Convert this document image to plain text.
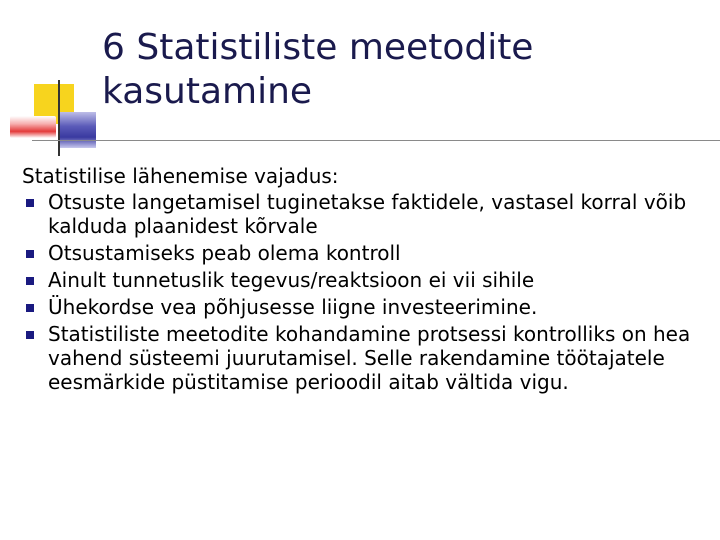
6 Statistiliste meetodite kasutamine

Statistilise lähenemise vajadus:

Otsuste langetamisel tuginetakse faktidele, vastasel korral võib kalduda plaanidest kõrvale
Otsustamiseks peab olema kontroll
Ainult tunnetuslik tegevus/reaktsioon ei vii sihile
Ühekordse vea põhjusesse liigne investeerimine.
Statistiliste meetodite kohandamine protsessi kontrolliks on hea vahend süsteemi juurutamisel. Selle rakendamine töötajatele eesmärkide püstitamise perioodil aitab vältida vigu.
